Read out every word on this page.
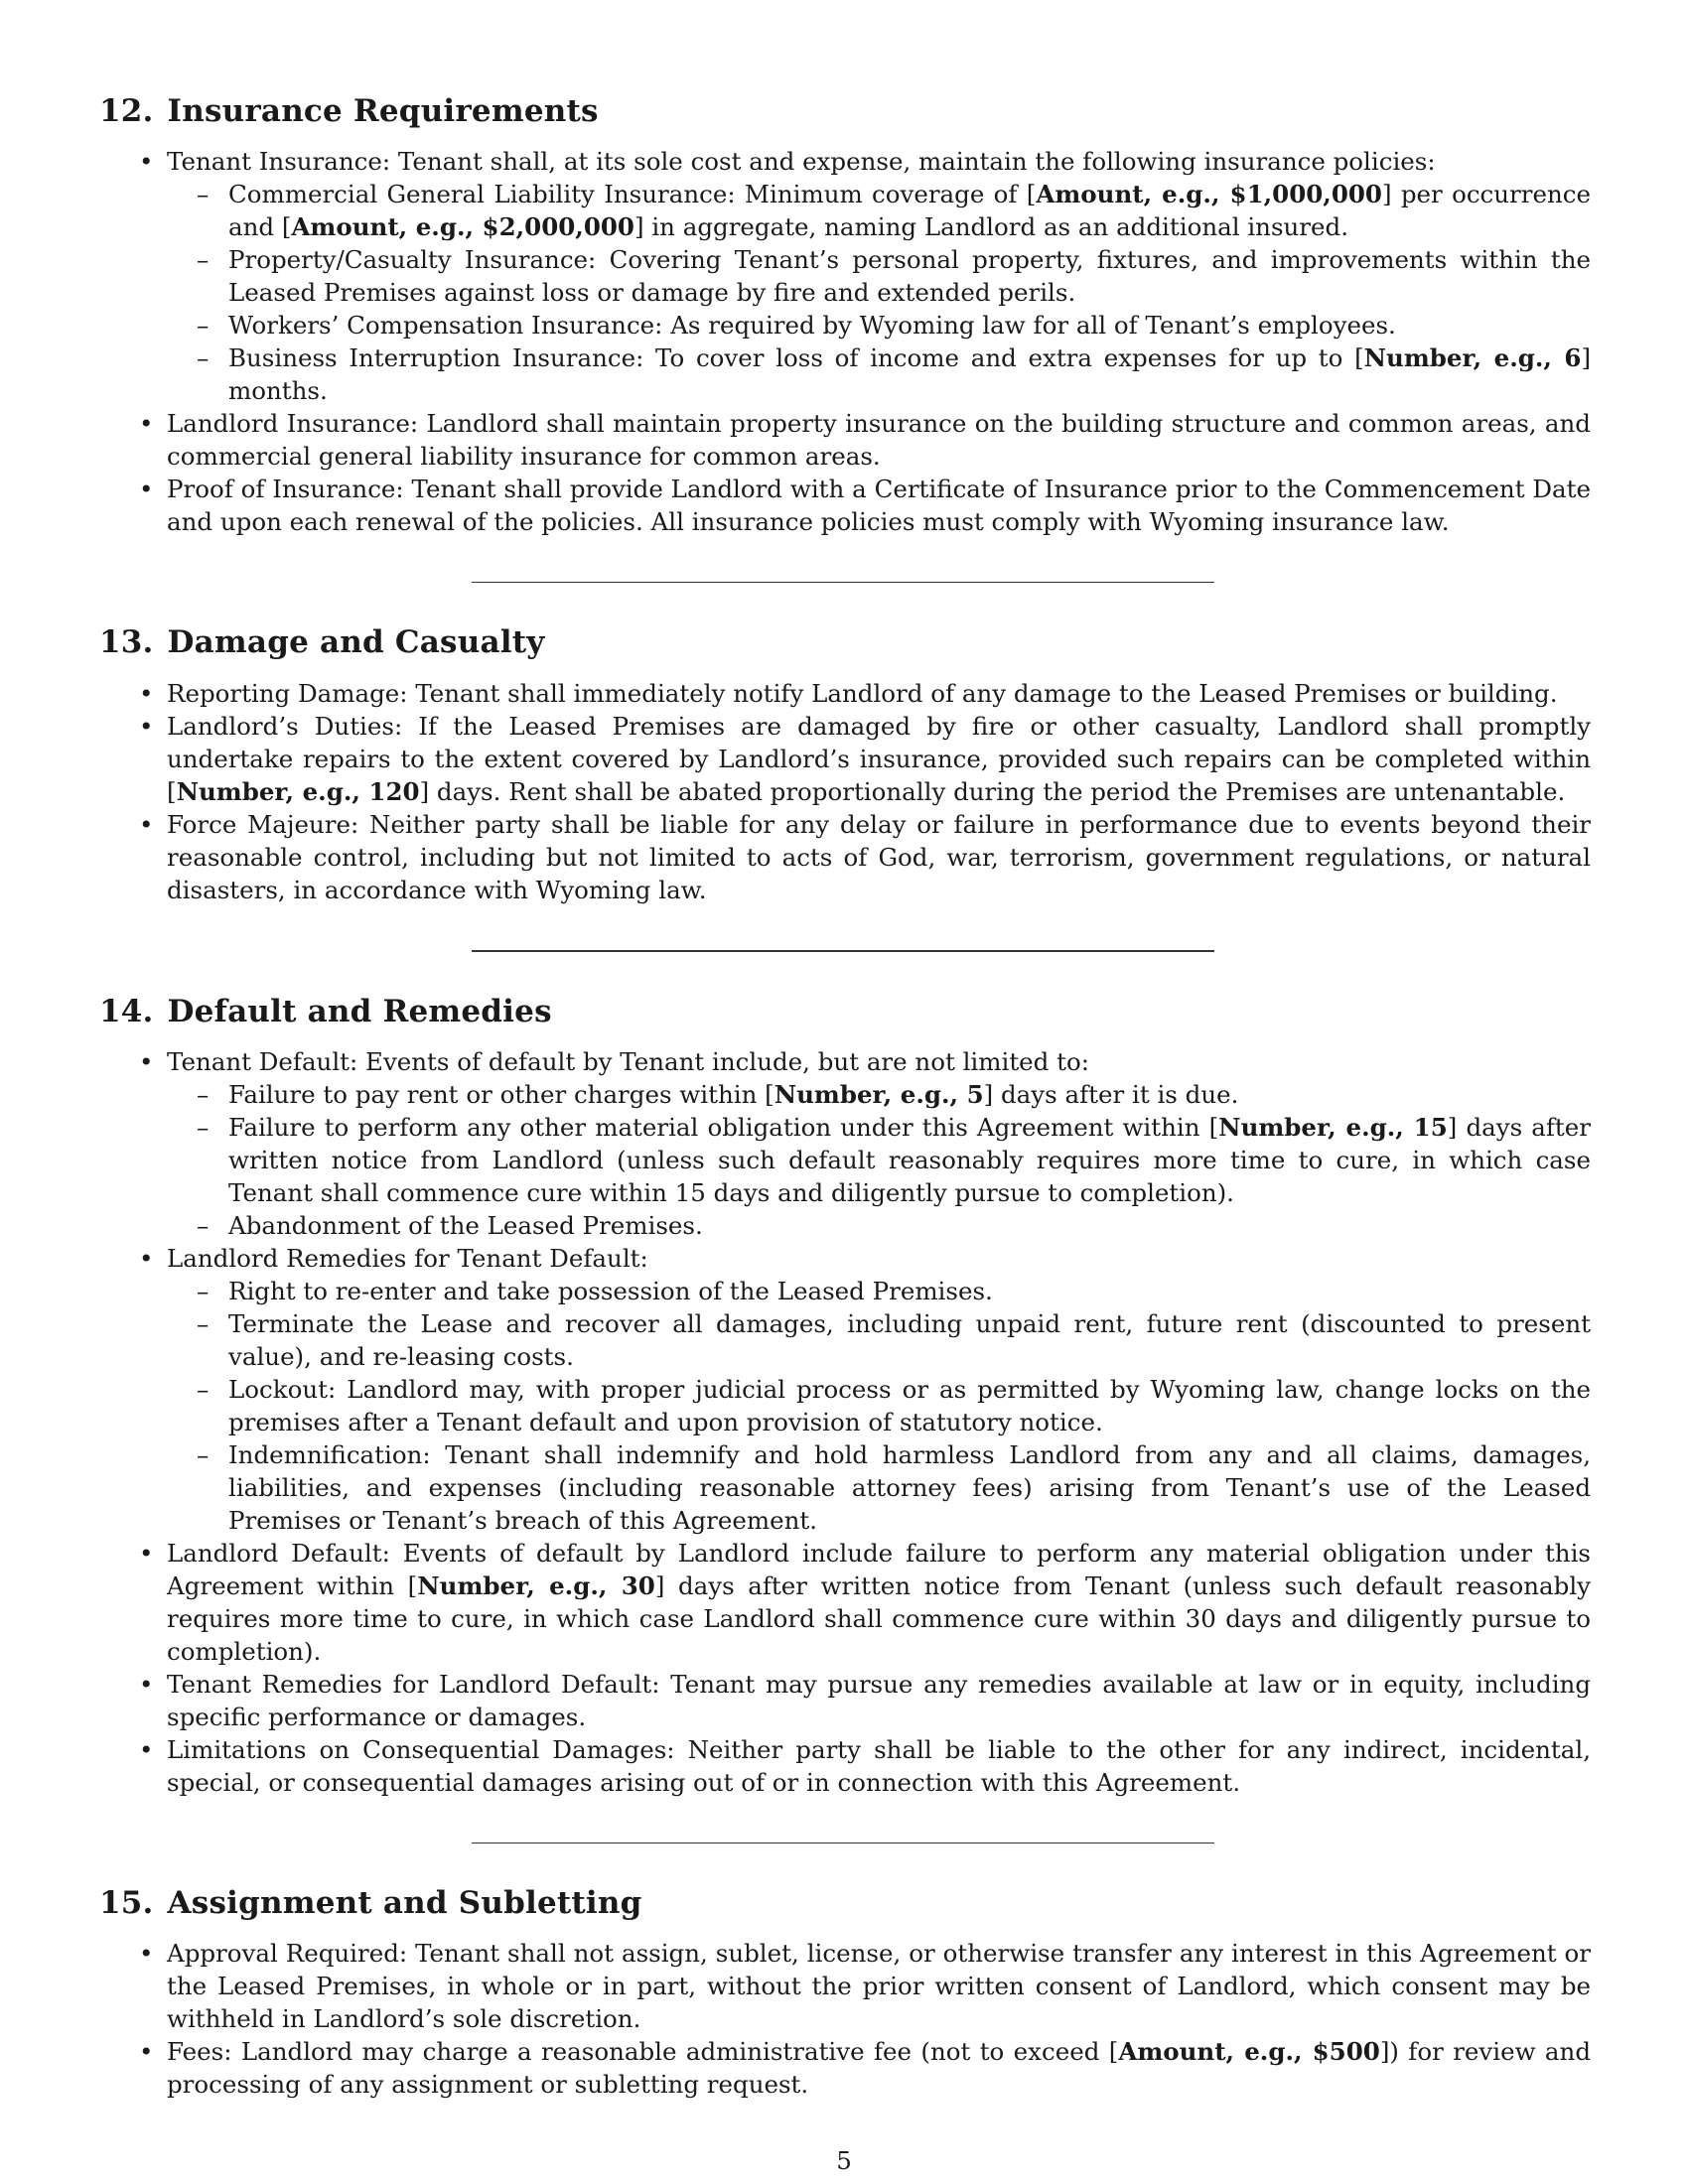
12. Insurance Requirements
• Tenant Insurance: Tenant shall, at its sole cost and expense, maintain the following insurance policies:
– Commercial General Liability Insurance: Minimum coverage of [Amount, e.g., $1,000,000] per occurrence and [Amount, e.g., $2,000,000] in aggregate, naming Landlord as an additional insured.
– Property/Casualty Insurance: Covering Tenant’s personal property, fixtures, and improvements within the Leased Premises against loss or damage by fire and extended perils.
– Workers’ Compensation Insurance: As required by Wyoming law for all of Tenant’s employees.
– Business Interruption Insurance: To cover loss of income and extra expenses for up to [Number, e.g., 6] months.
• Landlord Insurance: Landlord shall maintain property insurance on the building structure and common areas, and commercial general liability insurance for common areas.
• Proof of Insurance: Tenant shall provide Landlord with a Certificate of Insurance prior to the Commencement Date and upon each renewal of the policies. All insurance policies must comply with Wyoming insurance law.
13. Damage and Casualty
• Reporting Damage: Tenant shall immediately notify Landlord of any damage to the Leased Premises or building.
• Landlord’s Duties: If the Leased Premises are damaged by fire or other casualty, Landlord shall promptly undertake repairs to the extent covered by Landlord’s insurance, provided such repairs can be completed within [Number, e.g., 120] days. Rent shall be abated proportionally during the period the Premises are untenantable.
• Force Majeure: Neither party shall be liable for any delay or failure in performance due to events beyond their reasonable control, including but not limited to acts of God, war, terrorism, government regulations, or natural disasters, in accordance with Wyoming law.
14. Default and Remedies
• Tenant Default: Events of default by Tenant include, but are not limited to:
– Failure to pay rent or other charges within [Number, e.g., 5] days after it is due.
– Failure to perform any other material obligation under this Agreement within [Number, e.g., 15] days after written notice from Landlord (unless such default reasonably requires more time to cure, in which case Tenant shall commence cure within 15 days and diligently pursue to completion).
– Abandonment of the Leased Premises.
• Landlord Remedies for Tenant Default:
– Right to re-enter and take possession of the Leased Premises.
– Terminate the Lease and recover all damages, including unpaid rent, future rent (discounted to present value), and re-leasing costs.
– Lockout: Landlord may, with proper judicial process or as permitted by Wyoming law, change locks on the premises after a Tenant default and upon provision of statutory notice.
– Indemnification: Tenant shall indemnify and hold harmless Landlord from any and all claims, damages, liabilities, and expenses (including reasonable attorney fees) arising from Tenant’s use of the Leased Premises or Tenant’s breach of this Agreement.
• Landlord Default: Events of default by Landlord include failure to perform any material obligation under this Agreement within [Number, e.g., 30] days after written notice from Tenant (unless such default reasonably requires more time to cure, in which case Landlord shall commence cure within 30 days and diligently pursue to completion).
• Tenant Remedies for Landlord Default: Tenant may pursue any remedies available at law or in equity, including specific performance or damages.
• Limitations on Consequential Damages: Neither party shall be liable to the other for any indirect, incidental, special, or consequential damages arising out of or in connection with this Agreement.
15. Assignment and Subletting
• Approval Required: Tenant shall not assign, sublet, license, or otherwise transfer any interest in this Agreement or the Leased Premises, in whole or in part, without the prior written consent of Landlord, which consent may be withheld in Landlord’s sole discretion.
• Fees: Landlord may charge a reasonable administrative fee (not to exceed [Amount, e.g., $500]) for review and processing of any assignment or subletting request.
5
